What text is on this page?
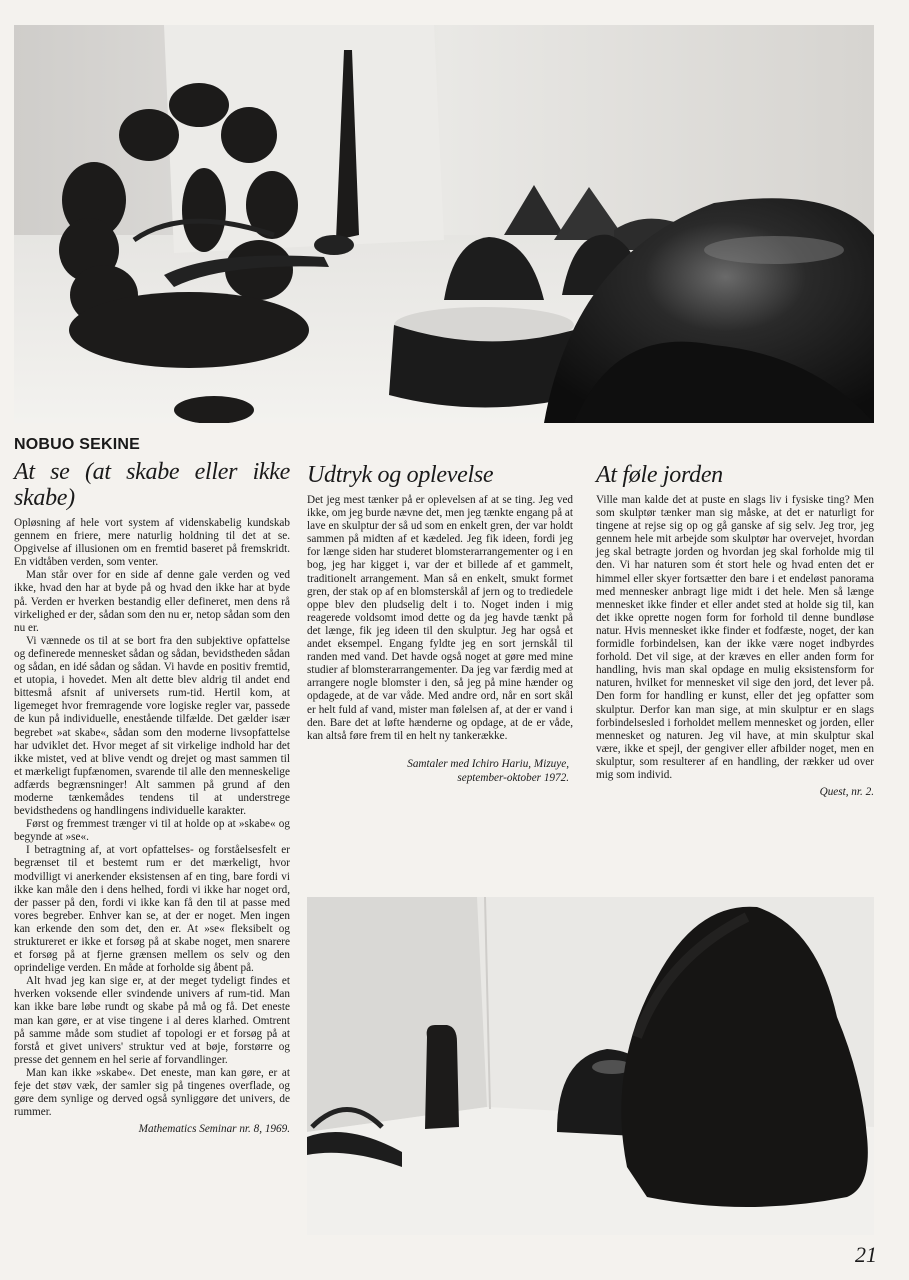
NOBUO SEKINE
At se (at skabe eller ikke skabe)

Opløsning af hele vort system af videnskabelig kundskab gennem en friere, mere naturlig holdning til det at se. Opgivelse af illusionen om en fremtid baseret på fremskridt. En vidtåben verden, som venter.

Man står over for en side af denne gale verden og ved ikke, hvad den har at byde på og hvad den ikke har at byde på. Verden er hverken bestandig eller defineret, men dens rå virkelighed er der, sådan som den nu er, netop sådan som den nu er.

Vi vænnede os til at se bort fra den subjektive opfattelse og definerede mennesket sådan og sådan, bevidstheden sådan og sådan, en idé sådan og sådan. Vi havde en positiv fremtid, et utopia, i hovedet. Men alt dette blev aldrig til andet end bittesmå afsnit af universets rum-tid. Hertil kom, at ligemeget hvor fremragende vore logiske regler var, passede de kun på individuelle, enestående tilfælde. Det gælder især begrebet »at skabe«, sådan som den moderne livsopfattelse har udviklet det. Hvor meget af sit virkelige indhold har det ikke mistet, ved at blive vendt og drejet og mast sammen til et mærkeligt fupfænomen, svarende til alle den menneskelige adfærds begrænsninger! Alt sammen på grund af den moderne tænkemådes tendens til at understrege bevidsthedens og handlingens individuelle karakter.

Først og fremmest trænger vi til at holde op at »skabe« og begynde at »se«.

I betragtning af, at vort opfattelses- og forståelsesfelt er begrænset til et bestemt rum er det mærkeligt, hvor modvilligt vi anerkender eksistensen af en ting, bare fordi vi ikke kan måle den i dens helhed, fordi vi ikke har noget ord, der passer på den, fordi vi ikke kan få den til at passe med vores begreber. Enhver kan se, at der er noget. Men ingen kan erkende den som det, den er. At »se« fleksibelt og struktureret er ikke et forsøg på at skabe noget, men snarere et forsøg på at fjerne grænsen mellem os selv og den oprindelige verden. En måde at forholde sig åbent på.

Alt hvad jeg kan sige er, at der meget tydeligt findes et hverken voksende eller svindende univers af rum-tid. Man kan ikke bare løbe rundt og skabe på må og få. Det eneste man kan gøre, er at vise tingene i al deres klarhed. Omtrent på samme måde som studiet af topologi er et forsøg på at forstå et givet univers' struktur ved at bøje, forstørre og presse det gennem en hel serie af forvandlinger.

Man kan ikke »skabe«. Det eneste, man kan gøre, er at feje det støv væk, der samler sig på tingenes overflade, og gøre dem synlige og derved også synliggøre det univers, de rummer.

Mathematics Seminar nr. 8, 1969.

Udtryk og oplevelse

Det jeg mest tænker på er oplevelsen af at se ting. Jeg ved ikke, om jeg burde nævne det, men jeg tænkte engang på at lave en skulptur der så ud som en enkelt gren, der var holdt sammen på midten af et kædeled. Jeg fik ideen, fordi jeg for længe siden har studeret blomsterarrangementer og i en bog, jeg har kigget i, var der et billede af et gammelt, traditionelt arrangement. Man så en enkelt, smukt formet gren, der stak op af en blomsterskål af jern og to trediedele oppe blev den pludselig delt i to. Noget inden i mig reagerede voldsomt imod dette og da jeg havde tænkt på det længe, fik jeg ideen til den skulptur. Jeg har også et andet eksempel. Engang fyldte jeg en sort jernskål til randen med vand. Det havde også noget at gøre med mine studier af blomsterarrangementer. Da jeg var færdig med at arrangere nogle blomster i den, så jeg på mine hænder og opdagede, at de var våde. Med andre ord, når en sort skål er helt fuld af vand, mister man følelsen af, at der er vand i den. Bare det at løfte hænderne og opdage, at de er våde, kan altså føre frem til en helt ny tankerække.

Samtaler med Ichiro Hariu, Mizuye,
september-oktober 1972.

At føle jorden

Ville man kalde det at puste en slags liv i fysiske ting? Men som skulptør tænker man sig måske, at det er naturligt for tingene at rejse sig op og gå ganske af sig selv. Jeg tror, jeg gennem hele mit arbejde som skulptør har overvejet, hvordan jeg skal betragte jorden og hvordan jeg skal forholde mig til den. Vi har naturen som ét stort hele og hvad enten det er himmel eller skyer fortsætter den bare i et endeløst panorama med mennesker anbragt lige midt i det hele. Men så længe mennesket ikke finder et eller andet sted at holde sig til, kan det ikke oprette nogen form for forhold til denne bundløse natur. Hvis mennesket ikke finder et fodfæste, noget, der kan formidle forbindelsen, kan der ikke være noget indbyrdes forhold. Det vil sige, at der kræves en eller anden form for handling, hvis man skal opdage en mulig eksistensform for naturen, hvilket for mennesket vil sige den jord, det lever på. Den form for handling er kunst, eller det jeg opfatter som skulptur. Derfor kan man sige, at min skulptur er en slags forbindelsesled i forholdet mellem mennesket og jorden, eller mennesket og naturen. Jeg vil have, at min skulptur skal være, ikke et spejl, der gengiver eller afbilder noget, men en skulptur, som resulterer af en handling, der rækker ud over mig som individ.

Quest, nr. 2.

21
